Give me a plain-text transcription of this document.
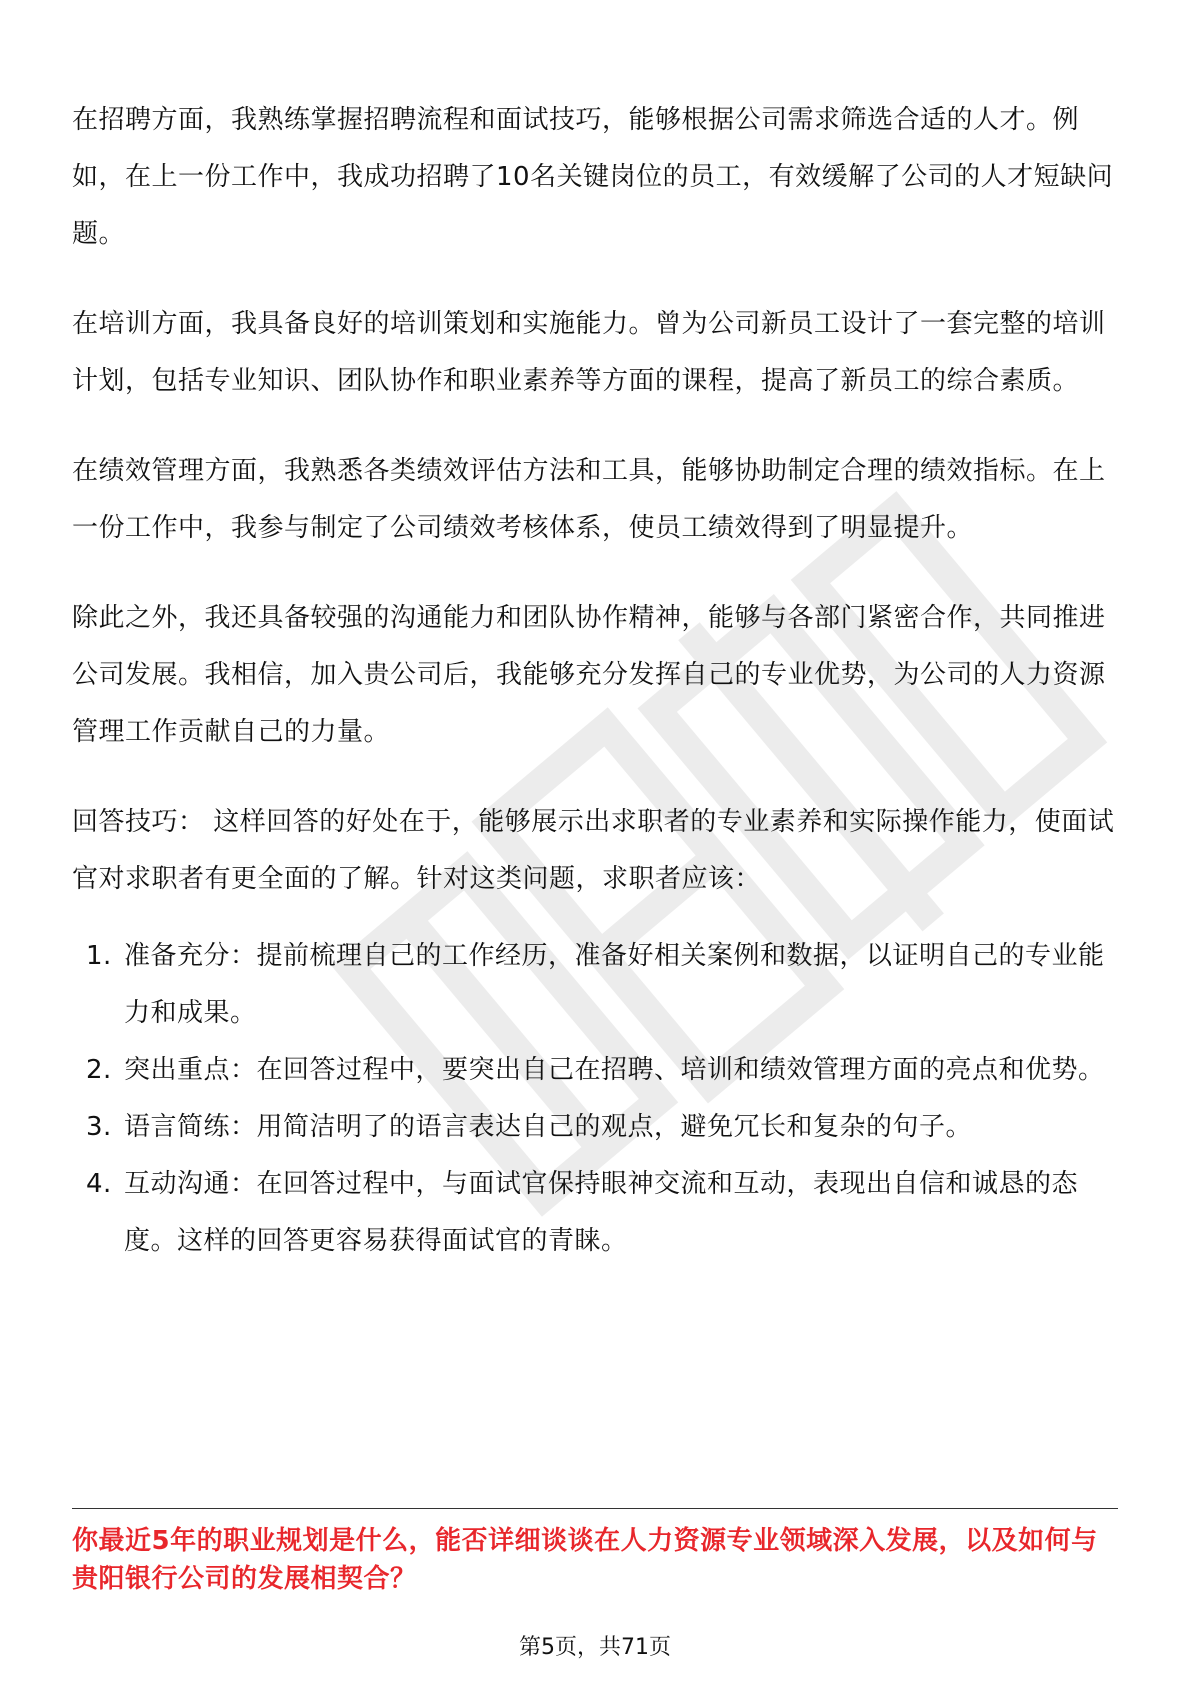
在招聘方面，我熟练掌握招聘流程和面试技巧，能够根据公司需求筛选合适的人才。例如，在上一份工作中，我成功招聘了10名关键岗位的员工，有效缓解了公司的人才短缺问题。

在培训方面，我具备良好的培训策划和实施能力。曾为公司新员工设计了一套完整的培训计划，包括专业知识、团队协作和职业素养等方面的课程，提高了新员工的综合素质。

在绩效管理方面，我熟悉各类绩效评估方法和工具，能够协助制定合理的绩效指标。在上一份工作中，我参与制定了公司绩效考核体系，使员工绩效得到了明显提升。

除此之外，我还具备较强的沟通能力和团队协作精神，能够与各部门紧密合作，共同推进公司发展。我相信，加入贵公司后，我能够充分发挥自己的专业优势，为公司的人力资源管理工作贡献自己的力量。

回答技巧： 这样回答的好处在于，能够展示出求职者的专业素养和实际操作能力，使面试官对求职者有更全面的了解。针对这类问题，求职者应该：

1. 准备充分：提前梳理自己的工作经历，准备好相关案例和数据，以证明自己的专业能力和成果。
2. 突出重点：在回答过程中，要突出自己在招聘、培训和绩效管理方面的亮点和优势。
3. 语言简练：用简洁明了的语言表达自己的观点，避免冗长和复杂的句子。
4. 互动沟通：在回答过程中，与面试官保持眼神交流和互动，表现出自信和诚恳的态度。这样的回答更容易获得面试官的青睐。
你最近5年的职业规划是什么，能否详细谈谈在人力资源专业领域深入发展，以及如何与贵阳银行公司的发展相契合？
第5页，共71页
